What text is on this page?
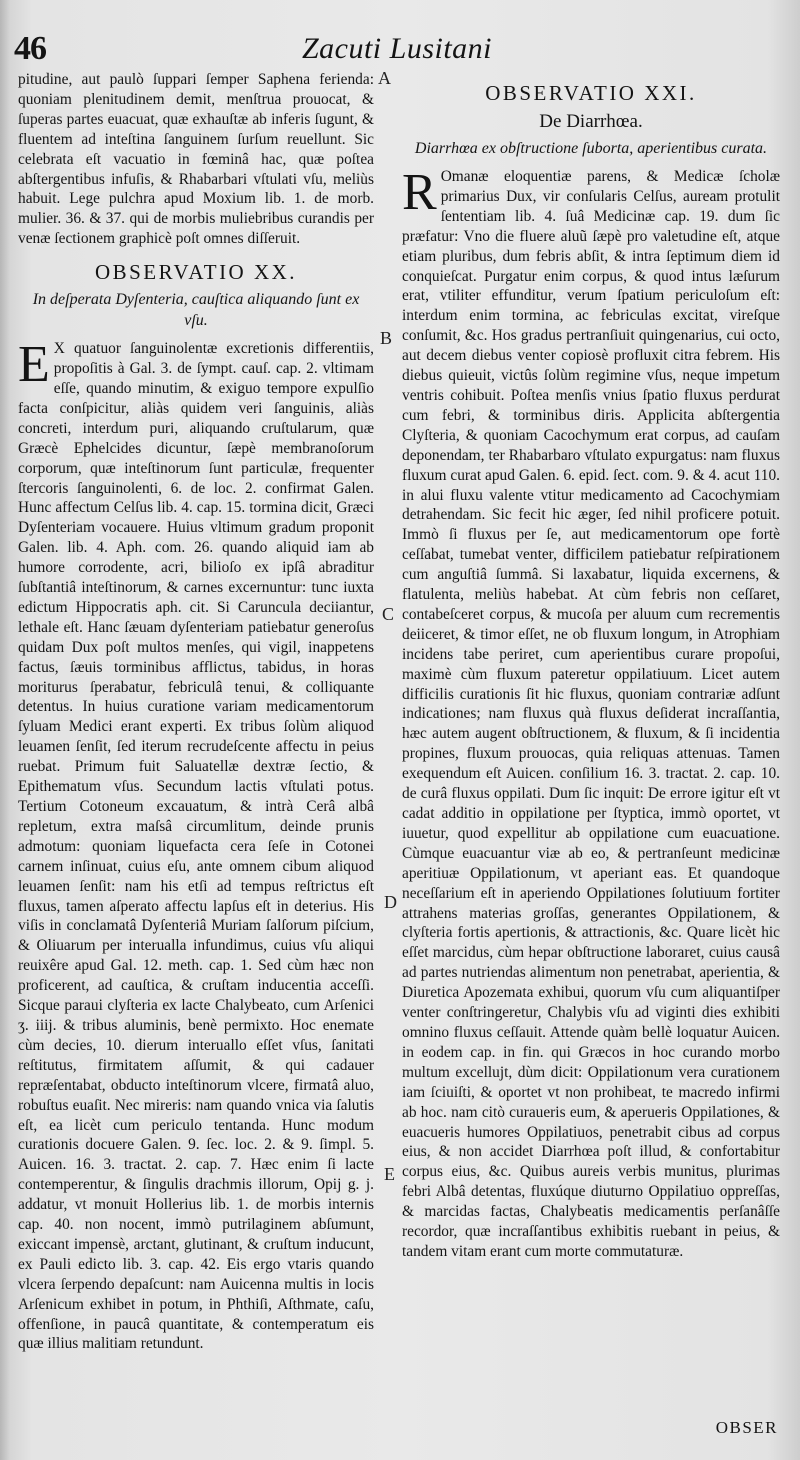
46	Zacuti Lusitani

pitudine, aut paulò ſuppari ſemper Saphena ferienda: quoniam plenitudinem demit, menſtrua prouocat, & ſuperas partes euacuat, quæ exhauſtæ ab inferis ſugunt, & fluentem ad inteſtina ſanguinem ſurſum reuellunt. Sic celebrata eſt vacuatio in fœminâ hac, quæ poſtea abſtergentibus infuſis, & Rhabarbari vſtulati vſu, meliùs habuit. Lege pulchra apud Moxium lib. 1. de morb. mulier. 36. & 37. qui de morbis muliebribus curandis per venæ ſectionem graphicè poſt omnes diſſeruit.

OBSERVATIO XX.
In deſperata Dyſenteria, cauſtica aliquando ſunt ex vſu.

E X quatuor ſanguinolentæ excretionis differentiis, propoſitis à Gal. 3. de ſympt. cauſ. cap. 2. vltimam eſſe, quando minutim, & exiguo tempore expulſio facta conſpicitur, aliàs quidem veri ſanguinis, aliàs concreti, interdum puri, aliquando cruſtularum, quæ Græcè Ephelcides dicuntur, ſæpè membranoſorum corporum, quæ inteſtinorum ſunt particulæ, frequenter ſtercoris ſanguinolenti, 6. de loc. 2. confirmat Galen. Hunc affectum Celſus lib. 4. cap. 15. tormina dicit, Græci Dyſenteriam vocauere. Huius vltimum gradum proponit Galen. lib. 4. Aph. com. 26. quando aliquid iam ab humore corrodente, acri, bilioſo ex ipſâ abraditur ſubſtantiâ inteſtinorum, & carnes excernuntur: tunc iuxta edictum Hippocratis aph. cit. Si Caruncula deciiantur, lethale eſt. Hanc ſæuam dyſenteriam patiebatur generoſus quidam Dux poſt multos menſes, qui vigil, inappetens factus, ſæuis torminibus afflictus, tabidus, in horas moriturus ſperabatur, febriculâ tenui, & colliquante detentus. In huius curatione variam medicamentorum ſyluam Medici erant experti. Ex tribus ſolùm aliquod leuamen ſenſit, ſed iterum recrudeſcente affectu in peius ruebat. Primum fuit Saluatellæ dextræ ſectio, & Epithematum vſus. Secundum lactis vſtulati potus. Tertium Cotoneum excauatum, & intrà Cerâ albâ repletum, extra maſsâ circumlitum, deinde prunis admotum: quoniam liquefacta cera ſeſe in Cotonei carnem inſinuat, cuius eſu, ante omnem cibum aliquod leuamen ſenſit: nam his etſi ad tempus reſtrictus eſt fluxus, tamen aſperato affectu lapſus eſt in deterius. His viſis in conclamatâ Dyſenteriâ Muriam ſalſorum piſcium, & Oliuarum per interualla infundimus, cuius vſu aliqui reuixêre apud Gal. 12. meth. cap. 1. Sed cùm hæc non proficerent, ad cauſtica, & cruſtam inducentia acceſſi. Sicque paraui clyſteria ex lacte Chalybeato, cum Arſenici ʒ. iiij. & tribus aluminis, benè permixto. Hoc enemate cùm decies, 10. dierum interuallo eſſet vſus, ſanitati reſtitutus, firmitatem aſſumit, & qui cadauer repræſentabat, obducto inteſtinorum vlcere, firmatâ aluo, robuſtus euaſit. Nec mireris: nam quando vnica via ſalutis eſt, ea licèt cum periculo tentanda. Hunc modum curationis docuere Galen. 9. ſec. loc. 2. & 9. ſimpl. 5. Auicen. 16. 3. tractat. 2. cap. 7. Hæc enim ſi lacte contemperentur, & ſingulis drachmis illorum, Opij g. j. addatur, vt monuit Hollerius lib. 1. de morbis internis cap. 40. non nocent, immò putrilaginem abſumunt, exiccant impensè, arctant, glutinant, & cruſtum inducunt, ex Pauli edicto lib. 3. cap. 42. Eis ergo vtaris quando vlcera ſerpendo depaſcunt: nam Auicenna multis in locis Arſenicum exhibet in potum, in Phthiſi, Aſthmate, caſu, offenſione, in paucâ quantitate, & contemperatum eis quæ illius malitiam retundunt.

A
B
C
D
E
OBSERVATIO XXI.
De Diarrhœa.
Diarrhœa ex obſtructione ſuborta, aperientibus curata.

R Omanæ eloquentiæ parens, & Medicæ ſcholæ primarius Dux, vir conſularis Celſus, auream protulit ſententiam lib. 4. ſuâ Medicinæ cap. 19. dum ſic præfatur: Vno die fluere aluũ ſæpè pro valetudine eſt, atque etiam pluribus, dum febris abſit, & intra ſeptimum diem id conquieſcat. Purgatur enim corpus, & quod intus læſurum erat, vtiliter effunditur, verum ſpatium periculoſum eſt: interdum enim tormina, ac febriculas excitat, vireſque conſumit, &c. Hos gradus pertranſiuit quingenarius, cui octo, aut decem diebus venter copiosè profluxit citra febrem. His diebus quieuit, victûs ſolùm regimine vſus, neque impetum ventris cohibuit. Poſtea menſis vnius ſpatio fluxus perdurat cum febri, & torminibus diris. Applicita abſtergentia Clyſteria, & quoniam Cacochymum erat corpus, ad cauſam deponendam, ter Rhabarbaro vſtulato expurgatus: nam fluxus fluxum curat apud Galen. 6. epid. ſect. com. 9. & 4. acut 110. in alui fluxu valente vtitur medicamento ad Cacochymiam detrahendam. Sic fecit hic æger, ſed nihil proficere potuit. Immò ſi fluxus per ſe, aut medicamentorum ope fortè ceſſabat, tumebat venter, difficilem patiebatur reſpirationem cum anguſtiâ ſummâ. Si laxabatur, liquida excernens, & flatulenta, meliùs habebat. At cùm febris non ceſſaret, contabeſceret corpus, & mucoſa per aluum cum recrementis deiiceret, & timor eſſet, ne ob fluxum longum, in Atrophiam incidens tabe periret, cum aperientibus curare propoſui, maximè cùm fluxum pateretur oppilatiuum. Licet autem difficilis curationis ſit hic fluxus, quoniam contrariæ adſunt indicationes; nam fluxus quà fluxus deſiderat incraſſantia, hæc autem augent obſtructionem, & fluxum, & ſi incidentia propines, fluxum prouocas, quia reliquas attenuas. Tamen exequendum eſt Auicen. conſilium 16. 3. tractat. 2. cap. 10. de curâ fluxus oppilati. Dum ſic inquit: De errore igitur eſt vt cadat additio in oppilatione per ſtyptica, immò oportet, vt iuuetur, quod expellitur ab oppilatione cum euacuatione. Cùmque euacuantur viæ ab eo, & pertranſeunt medicinæ aperitiuæ Oppilationum, vt aperiant eas. Et quandoque neceſſarium eſt in aperiendo Oppilationes ſolutiuum fortiter attrahens materias groſſas, generantes Oppilationem, & clyſteria fortis apertionis, & attractionis, &c. Quare licèt hic eſſet marcidus, cùm hepar obſtructione laboraret, cuius causâ ad partes nutriendas alimentum non penetrabat, aperientia, & Diuretica Apozemata exhibui, quorum vſu cum aliquantiſper venter conſtringeretur, Chalybis vſu ad viginti dies exhibiti omnino fluxus ceſſauit. Attende quàm bellè loquatur Auicen. in eodem cap. in fin. qui Græcos in hoc curando morbo multum excellujt, dùm dicit: Oppilationum vera curationem iam ſciuiſti, & oportet vt non prohibeat, te macredo infirmi ab hoc. nam citò curaueris eum, & aperueris Oppilationes, & euacueris humores Oppilatiuos, penetrabit cibus ad corpus eius, & non accidet Diarrhœa poſt illud, & confortabitur corpus eius, &c. Quibus aureis verbis munitus, plurimas febri Albâ detentas, fluxúque diuturno Oppilatiuo oppreſſas, & marcidas factas, Chalybeatis medicamentis perſanâſſe recordor, quæ incraſſantibus exhibitis ruebant in peius, & tandem vitam erant cum morte commutaturæ.

OBSER
